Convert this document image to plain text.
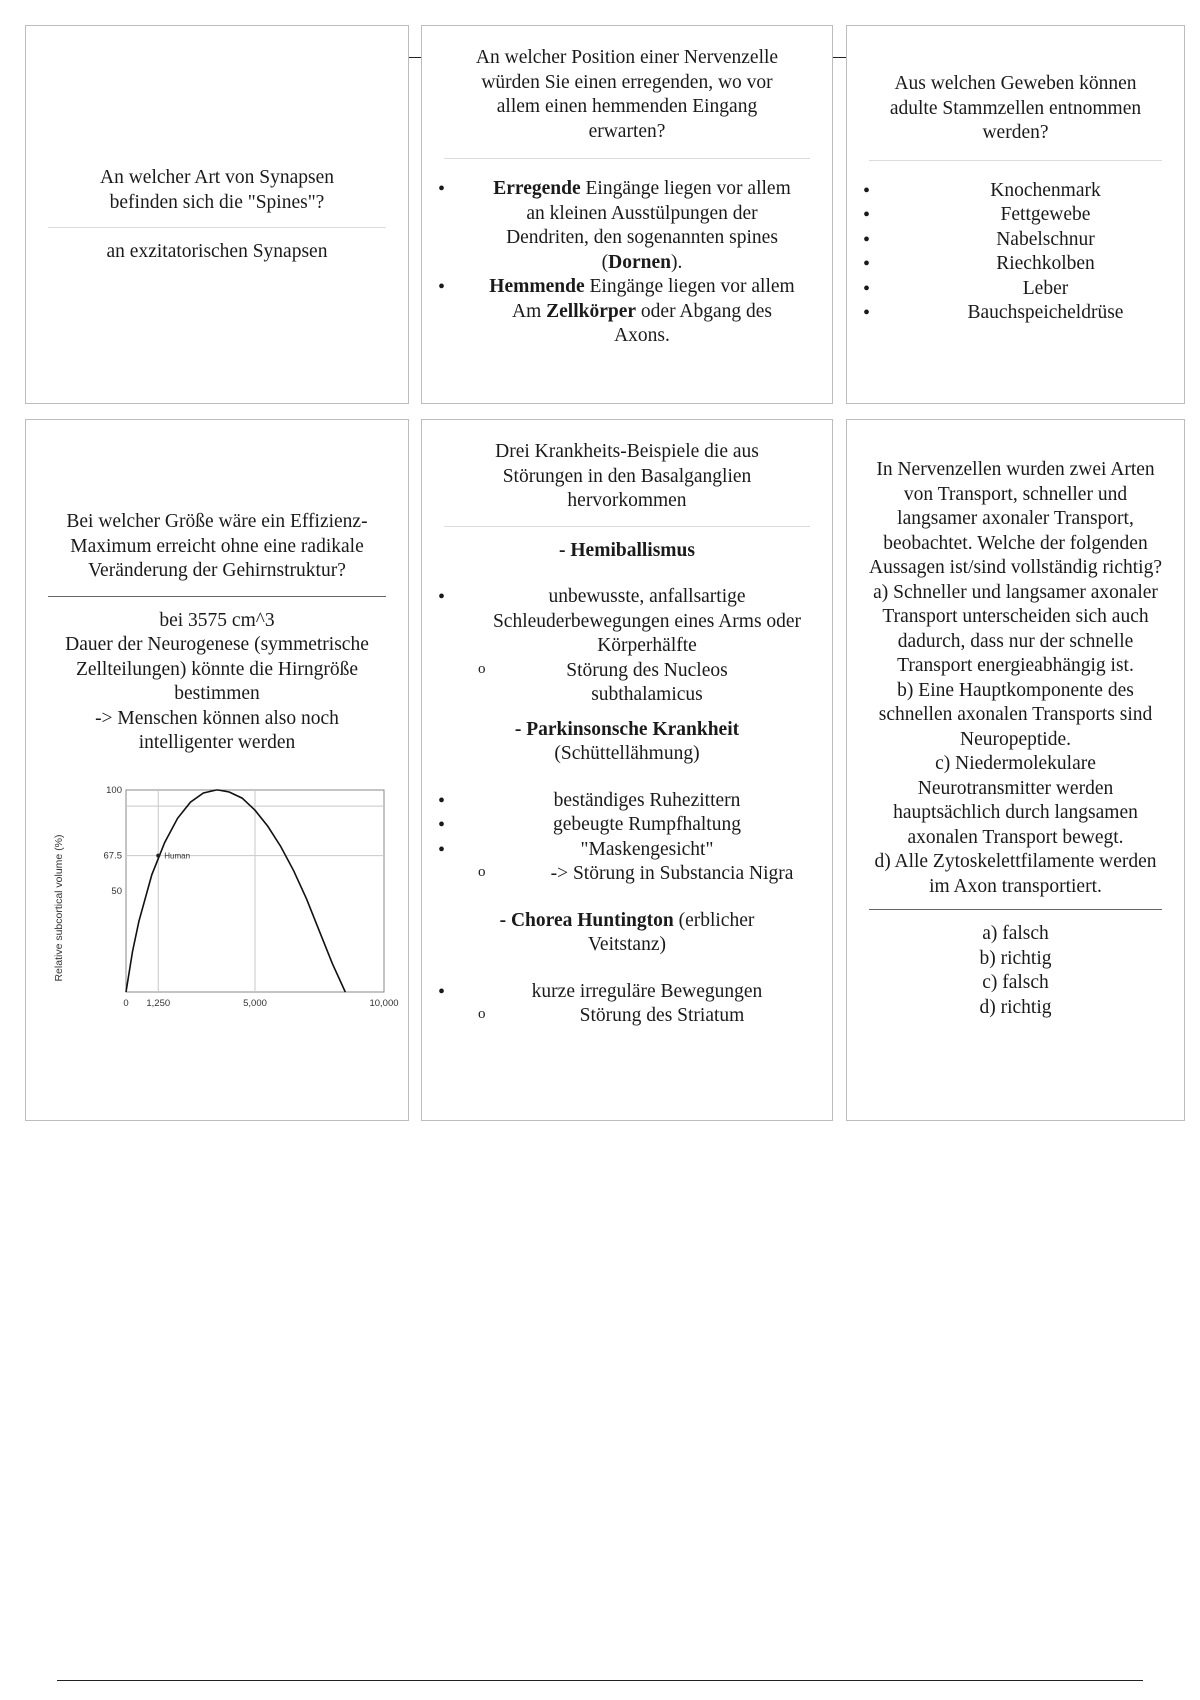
An welcher Art von Synapsen befinden sich die "Spines"?
an exzitatorischen Synapsen
An welcher Position einer Nervenzelle würden Sie einen erregenden, wo vor allem einen hemmenden Eingang erwarten?
• Erregende Eingänge liegen vor allem an kleinen Ausstülpungen der Dendriten, den sogenannten spines (Dornen).
• Hemmende Eingänge liegen vor allem Am Zellkörper oder Abgang des Axons.
Aus welchen Geweben können adulte Stammzellen entnommen werden?
• Knochenmark
• Fettgewebe
• Nabelschnur
• Riechkolben
• Leber
• Bauchspeicheldrüse
Bei welcher Größe wäre ein Effizienz-Maximum erreicht ohne eine radikale Veränderung der Gehirnstruktur?
bei 3575 cm^3
Dauer der Neurogenese (symmetrische Zellteilungen) könnte die Hirngröße bestimmen
-> Menschen können also noch intelligenter werden
0 1,250	5,000	10,000
100
67.5
50
Human
Relative subcortical volume (%)
Drei Krankheits-Beispiele die aus Störungen in den Basalganglien hervorkommen
- Hemiballismus
• unbewusste, anfallsartige Schleuderbewegungen eines Arms oder Körperhälfte
o Störung des Nucleos subthalamicus
- Parkinsonsche Krankheit
(Schüttellähmung)
• beständiges Ruhezittern
• gebeugte Rumpfhaltung
• "Maskengesicht"
o -> Störung in Substancia Nigra
- Chorea Huntington (erblicher Veitstanz)
• kurze irreguläre Bewegungen
o Störung des Striatum
In Nervenzellen wurden zwei Arten von Transport, schneller und langsamer axonaler Transport, beobachtet. Welche der folgenden Aussagen ist/sind vollständig richtig?
a) Schneller und langsamer axonaler Transport unterscheiden sich auch dadurch, dass nur der schnelle Transport energieabhängig ist.
b) Eine Hauptkomponente des schnellen axonalen Transports sind Neuropeptide.
c) Niedermolekulare Neurotransmitter werden hauptsächlich durch langsamen axonalen Transport bewegt.
d) Alle Zytoskelettfilamente werden im Axon transportiert.
a) falsch
b) richtig
c) falsch
d) richtig
